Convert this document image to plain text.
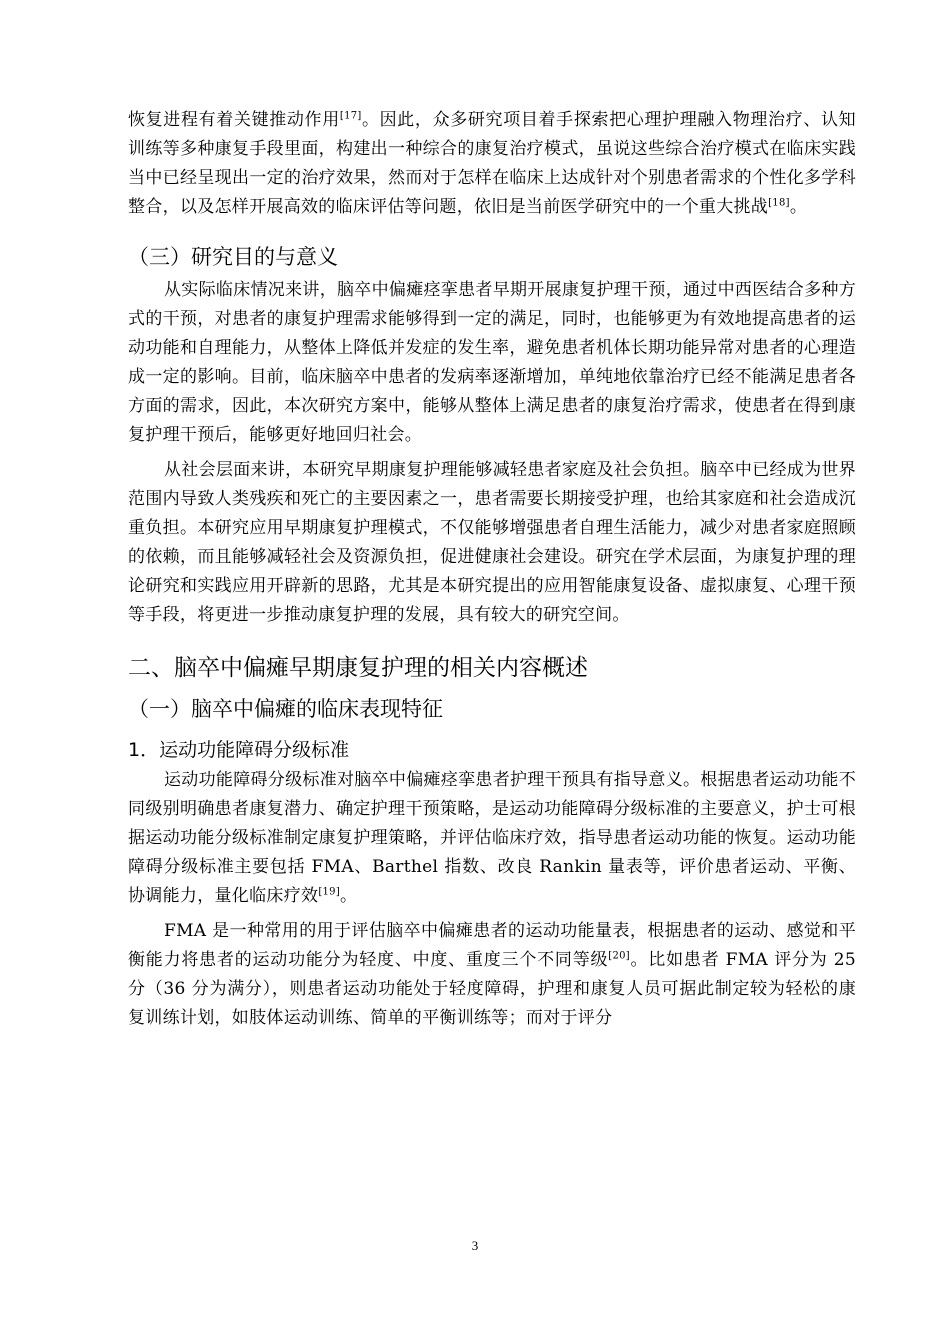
恢复进程有着关键推动作用[17]。因此，众多研究项目着手探索把心理护理融入物理治疗、认知训练等多种康复手段里面，构建出一种综合的康复治疗模式，虽说这些综合治疗模式在临床实践当中已经呈现出一定的治疗效果，然而对于怎样在临床上达成针对个别患者需求的个性化多学科整合，以及怎样开展高效的临床评估等问题，依旧是当前医学研究中的一个重大挑战[18]。

（三）研究目的与意义

从实际临床情况来讲，脑卒中偏瘫痉挛患者早期开展康复护理干预，通过中西医结合多种方式的干预，对患者的康复护理需求能够得到一定的满足，同时，也能够更为有效地提高患者的运动功能和自理能力，从整体上降低并发症的发生率，避免患者机体长期功能异常对患者的心理造成一定的影响。目前，临床脑卒中患者的发病率逐渐增加，单纯地依靠治疗已经不能满足患者各方面的需求，因此，本次研究方案中，能够从整体上满足患者的康复治疗需求，使患者在得到康复护理干预后，能够更好地回归社会。

从社会层面来讲，本研究早期康复护理能够减轻患者家庭及社会负担。脑卒中已经成为世界范围内导致人类残疾和死亡的主要因素之一，患者需要长期接受护理，也给其家庭和社会造成沉重负担。本研究应用早期康复护理模式，不仅能够增强患者自理生活能力，减少对患者家庭照顾的依赖，而且能够减轻社会及资源负担，促进健康社会建设。研究在学术层面，为康复护理的理论研究和实践应用开辟新的思路，尤其是本研究提出的应用智能康复设备、虚拟康复、心理干预等手段，将更进一步推动康复护理的发展，具有较大的研究空间。

二、脑卒中偏瘫早期康复护理的相关内容概述
（一）脑卒中偏瘫的临床表现特征
1．运动功能障碍分级标准

运动功能障碍分级标准对脑卒中偏瘫痉挛患者护理干预具有指导意义。根据患者运动功能不同级别明确患者康复潜力、确定护理干预策略，是运动功能障碍分级标准的主要意义，护士可根据运动功能分级标准制定康复护理策略，并评估临床疗效，指导患者运动功能的恢复。运动功能障碍分级标准主要包括 FMA、Barthel 指数、改良 Rankin 量表等，评价患者运动、平衡、协调能力，量化临床疗效[19]。

FMA 是一种常用的用于评估脑卒中偏瘫患者的运动功能量表，根据患者的运动、感觉和平衡能力将患者的运动功能分为轻度、中度、重度三个不同等级[20]。比如患者 FMA 评分为 25 分（36 分为满分），则患者运动功能处于轻度障碍，护理和康复人员可据此制定较为轻松的康复训练计划，如肢体运动训练、简单的平衡训练等；而对于评分

3
